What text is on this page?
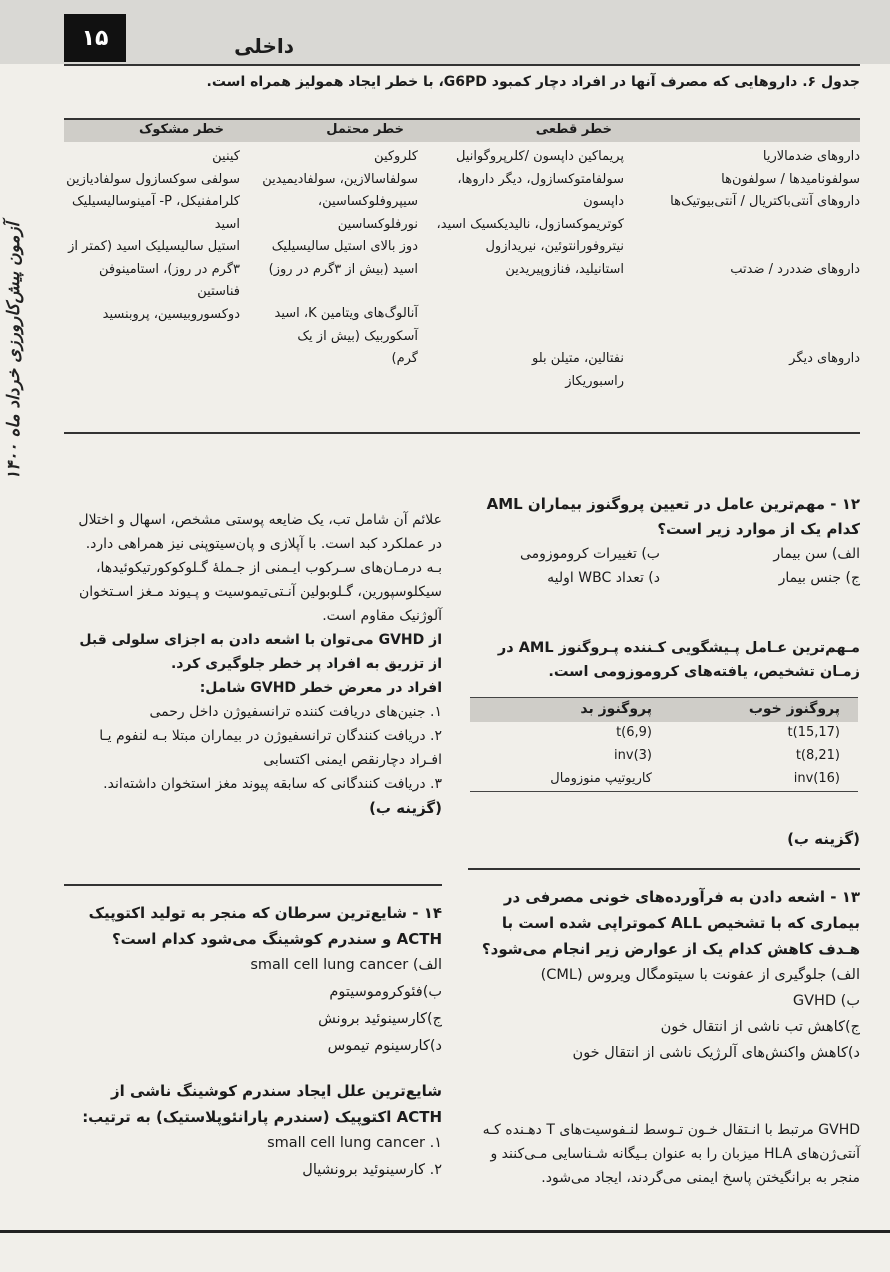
۱۵	داخلی
آزمون پیش‌کارورزی خرداد ماه ۱۴۰۰
جدول ۶. داروهایی که مصرف آنها در افراد دچار کمبود G6PD، با خطر ایجاد همولیز همراه است.
خطر قطعی
خطر محتمل
خطر مشکوک
داروهای ضدمالاریا
سولفونامیدها / سولفون‌ها
داروهای آنتی‌باکتریال / آنتی‌بیوتیک‌ها
داروهای ضددرد / ضدتب
داروهای دیگر
پریماکین داپسون /کلرپروگوانیل
سولفامتوکسازول، دیگر داروها، داپسون
کوتریموکسازول، نالیدیکسیک اسید،
نیتروفورانتوئین، نیریدازول
استانیلید، فنازوپیریدین
نفتالین، متیلن بلو
راسبوریکاز
کلروکین
سولفاسالازین، سولفادیمیدین
سیپروفلوکساسین،
نورفلوکساسین
دوز بالای استیل سالیسیلیک
اسید (بیش از ۳گرم در روز)
آنالوگ‌های ویتامین K، اسید
آسکوربیک (بیش از یک
گرم)
کینین
سولفی سوکسازول سولفادیازین
کلرامفنیکل، P- آمینوسالیسیلیک
اسید
استیل سالیسیلیک اسید (کمتر از
۳گرم در روز)، استامینوفن
فناستین
دوکسوروبیسین، پروبنسید
۱۲ - مهم‌ترین عامل در تعیین پروگنوز بیماران AML کدام یک از موارد زیر است؟
الف) سن بیمار
ب) تغییرات کروموزومی
ج) جنس بیمار
د) تعداد WBC اولیه
مـهم‌ترین عـامل پـیشگویی کـننده پـروگنوز AML در زمـان تشخیص، یافته‌های کروموزومی است.
پروگنوز خوب
پروگنوز بد
t(15,17)
t(6,9)
t(8,21)
inv(3)
inv(16)
کاریوتیپ منوزومال
(گزینه ب)
۱۳ - اشعه دادن به فرآورده‌های خونی مصرفی در بیماری که با تشخیص ALL کموتراپی شده است با هـدف کاهش کدام یک از عوارض زیر انجام می‌شود؟
الف) جلوگیری از عفونت با سیتومگال ویروس (CML)
ب) GVHD
ج)کاهش تب ناشی از انتقال خون
د)کاهش واکنش‌های آلرژیک ناشی از انتقال خون
GVHD مرتبط با انـتقال خـون تـوسط لنـفوسیت‌های T دهـنده کـه آنتی‌ژن‌های HLA میزبان را به عنوان بـیگانه شـناسایی مـی‌کنند و منجر به برانگیختن پاسخ ایمنی می‌گردند، ایجاد می‌شود.
علائم آن شامل تب، یک ضایعه پوستی مشخص، اسهال و اختلال در عملکرد کبد است. با آپلازی و پان‌سیتوپنی نیز همراهی دارد.
بـه درمـان‌های سـرکوب ایـمنی از جـملهٔ گـلوکوکورتیکوئیدها، سیکلوسپورین، گـلوبولین آنـتی‌تیموسیت و پـیوند مـغز اسـتخوان آلوژنیک مقاوم است.
از GVHD می‌توان با اشعه دادن به اجزای سلولی قبل از تزریق به افراد پر خطر جلوگیری کرد.
افراد در معرض خطر GVHD شامل:
۱. جنین‌های دریافت کننده ترانسفیوژن داخل رحمی
۲. دریافت کنندگان ترانسفیوژن در بیماران مبتلا بـه لنفوم یـا افـراد دچارنقص ایمنی اکتسابی
۳. دریافت کنندگانی که سابقه پیوند مغز استخوان داشته‌اند.
(گزینه ب)
۱۴ - شایع‌ترین سرطان که منجر به تولید اکتوپیک ACTH و سندرم کوشینگ می‌شود کدام است؟
الف) small cell lung cancer
ب)فئوکروموسیتوم
ج)کارسینوئید برونش
د)کارسینوم تیموس
شایع‌ترین علل ایجاد سندرم کوشینگ ناشی از ACTH اکتوپیک (سندرم پارانئوپلاستیک) به ترتیب:
۱. small cell lung cancer
۲. کارسینوئید برونشیال
